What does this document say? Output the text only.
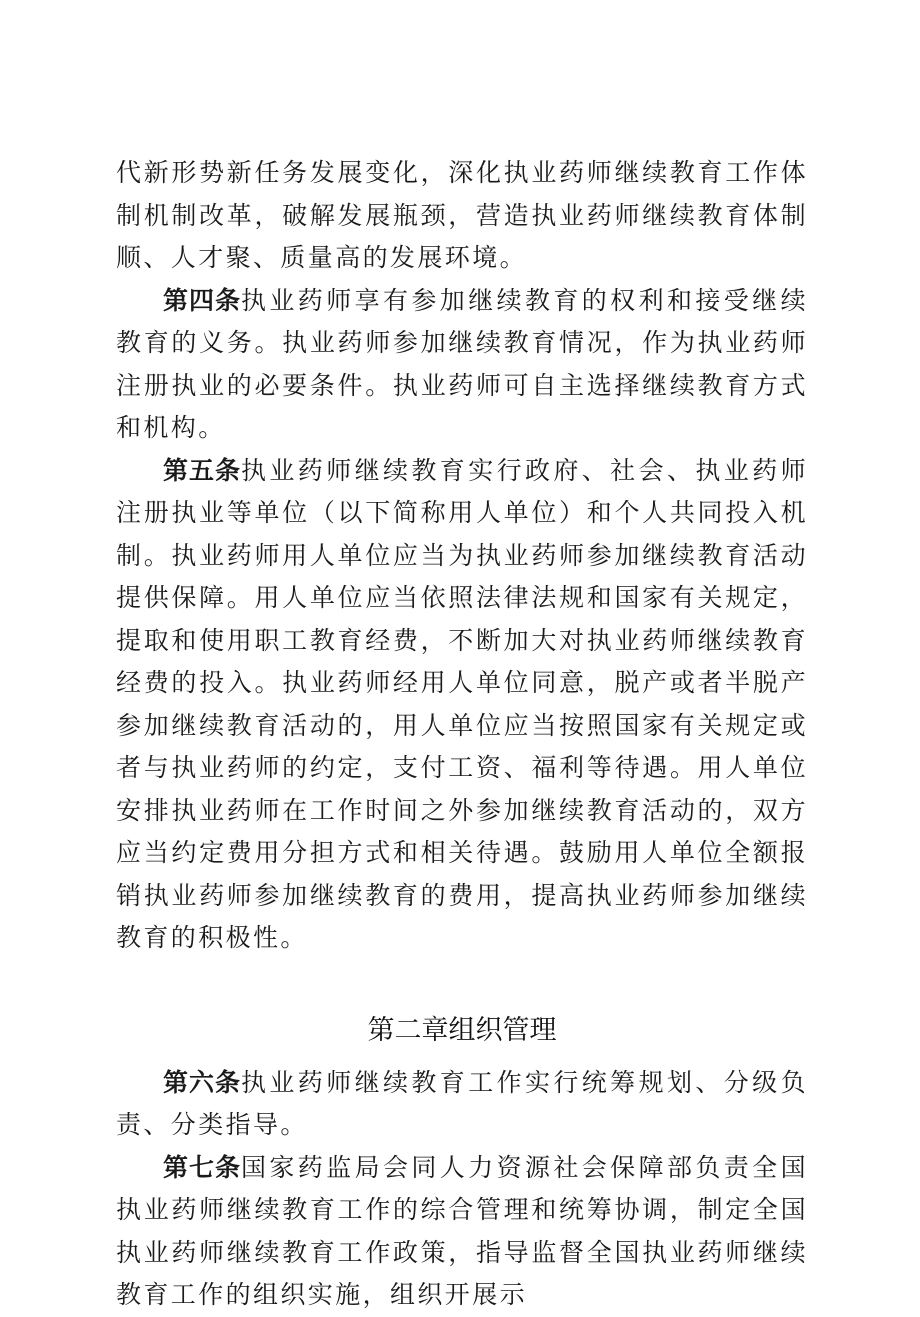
代新形势新任务发展变化，深化执业药师继续教育工作体制机制改革，破解发展瓶颈，营造执业药师继续教育体制顺、人才聚、质量高的发展环境。

第四条执业药师享有参加继续教育的权利和接受继续教育的义务。执业药师参加继续教育情况，作为执业药师注册执业的必要条件。执业药师可自主选择继续教育方式和机构。

第五条执业药师继续教育实行政府、社会、执业药师注册执业等单位（以下简称用人单位）和个人共同投入机制。执业药师用人单位应当为执业药师参加继续教育活动提供保障。用人单位应当依照法律法规和国家有关规定，提取和使用职工教育经费，不断加大对执业药师继续教育经费的投入。执业药师经用人单位同意，脱产或者半脱产参加继续教育活动的，用人单位应当按照国家有关规定或者与执业药师的约定，支付工资、福利等待遇。用人单位安排执业药师在工作时间之外参加继续教育活动的，双方应当约定费用分担方式和相关待遇。鼓励用人单位全额报销执业药师参加继续教育的费用，提高执业药师参加继续教育的积极性。

第二章组织管理

第六条执业药师继续教育工作实行统筹规划、分级负责、分类指导。

第七条国家药监局会同人力资源社会保障部负责全国执业药师继续教育工作的综合管理和统筹协调，制定全国执业药师继续教育工作政策，指导监督全国执业药师继续教育工作的组织实施，组织开展示
